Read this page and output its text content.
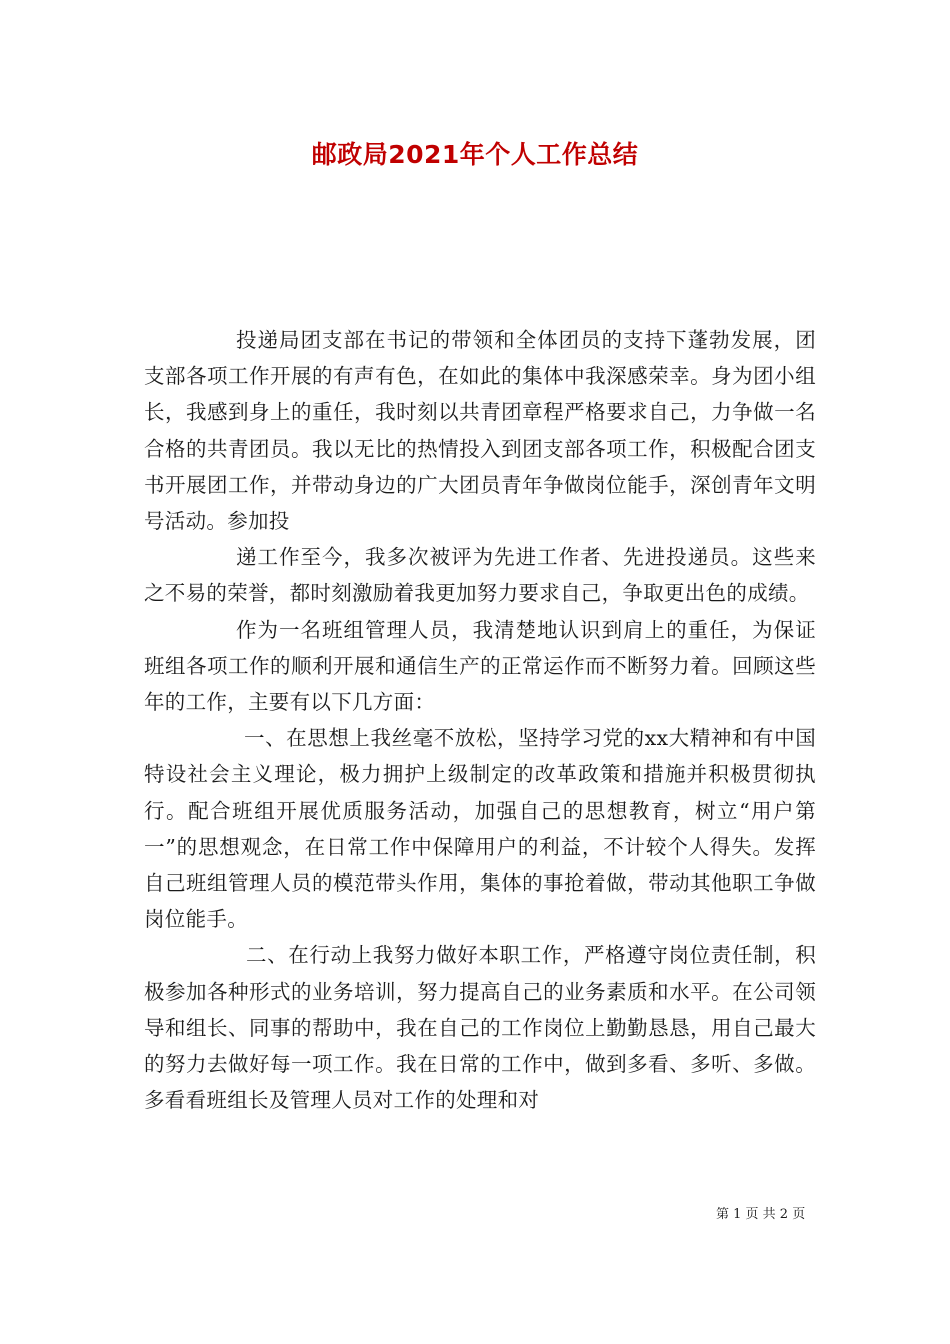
邮政局2021年个人工作总结

投递局团支部在书记的带领和全体团员的支持下蓬勃发展，团支部各项工作开展的有声有色，在如此的集体中我深感荣幸。身为团小组长，我感到身上的重任，我时刻以共青团章程严格要求自己，力争做一名合格的共青团员。我以无比的热情投入到团支部各项工作，积极配合团支书开展团工作，并带动身边的广大团员青年争做岗位能手，深创青年文明号活动。参加投

递工作至今，我多次被评为先进工作者、先进投递员。这些来之不易的荣誉，都时刻激励着我更加努力要求自己，争取更出色的成绩。

作为一名班组管理人员，我清楚地认识到肩上的重任，为保证班组各项工作的顺利开展和通信生产的正常运作而不断努力着。回顾这些年的工作，主要有以下几方面：

一、在思想上我丝毫不放松，坚持学习党的xx大精神和有中国特设社会主义理论，极力拥护上级制定的改革政策和措施并积极贯彻执行。配合班组开展优质服务活动，加强自己的思想教育，树立“用户第一”的思想观念，在日常工作中保障用户的利益，不计较个人得失。发挥自己班组管理人员的模范带头作用，集体的事抢着做，带动其他职工争做岗位能手。

二、在行动上我努力做好本职工作，严格遵守岗位责任制，积极参加各种形式的业务培训，努力提高自己的业务素质和水平。在公司领导和组长、同事的帮助中，我在自己的工作岗位上勤勤恳恳，用自己最大的努力去做好每一项工作。我在日常的工作中，做到多看、多听、多做。多看看班组长及管理人员对工作的处理和对

第 1 页 共 2 页
